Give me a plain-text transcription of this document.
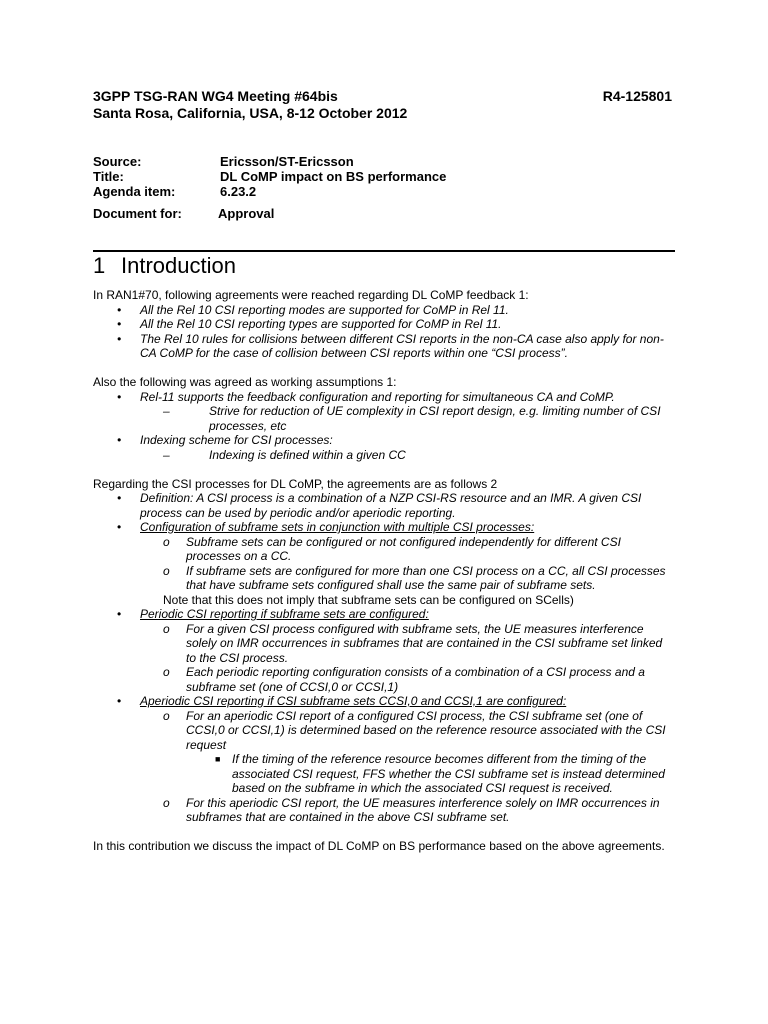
3GPP TSG-RAN WG4 Meeting #64bis	R4-125801
Santa Rosa, California, USA, 8-12 October 2012
Source:	Ericsson/ST-Ericsson
Title:	DL CoMP impact on BS performance
Agenda item:	6.23.2
Document for:	Approval
1 Introduction

In RAN1#70, following agreements were reached regarding DL CoMP feedback 1:

• All the Rel 10 CSI reporting modes are supported for CoMP in Rel 11.
• All the Rel 10 CSI reporting types are supported for CoMP in Rel 11.
• The Rel 10 rules for collisions between different CSI reports in the non-CA case also apply for non-CA CoMP for the case of collision between CSI reports within one “CSI process”.

Also the following was agreed as working assumptions 1:

• Rel-11 supports the feedback configuration and reporting for simultaneous CA and CoMP.
–	Strive for reduction of UE complexity in CSI report design, e.g. limiting number of CSI processes, etc
• Indexing scheme for CSI processes:
–	Indexing is defined within a given CC

Regarding the CSI processes for DL CoMP, the agreements are as follows 2

• Definition: A CSI process is a combination of a NZP CSI-RS resource and an IMR. A given CSI process can be used by periodic and/or aperiodic reporting.
• Configuration of subframe sets in conjunction with multiple CSI processes:
o Subframe sets can be configured or not configured independently for different CSI processes on a CC.
o If subframe sets are configured for more than one CSI process on a CC, all CSI processes that have subframe sets configured shall use the same pair of subframe sets.
Note that this does not imply that subframe sets can be configured on SCells)
• Periodic CSI reporting if subframe sets are configured:
o For a given CSI process configured with subframe sets, the UE measures interference solely on IMR occurrences in subframes that are contained in the CSI subframe set linked to the CSI process.
o Each periodic reporting configuration consists of a combination of a CSI process and a subframe set (one of CCSI,0 or CCSI,1)
• Aperiodic CSI reporting if CSI subframe sets CCSI,0 and CCSI,1 are configured:
o For an aperiodic CSI report of a configured CSI process, the CSI subframe set (one of CCSI,0 or CCSI,1) is determined based on the reference resource associated with the CSI request
■ If the timing of the reference resource becomes different from the timing of the associated CSI request, FFS whether the CSI subframe set is instead determined based on the subframe in which the associated CSI request is received.
o For this aperiodic CSI report, the UE measures interference solely on IMR occurrences in subframes that are contained in the above CSI subframe set.

In this contribution we discuss the impact of DL CoMP on BS performance based on the above agreements.
